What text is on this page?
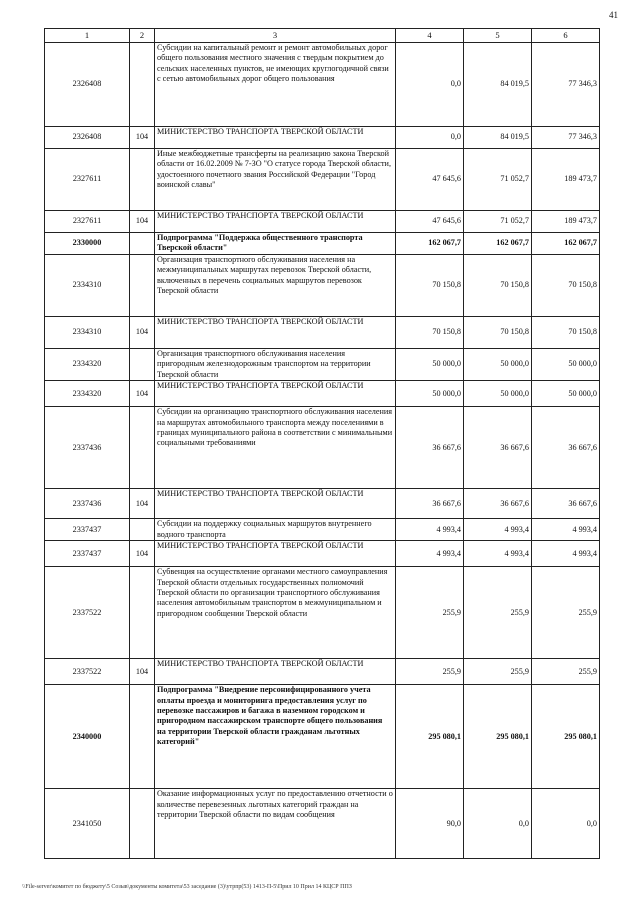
41
1	2	3	4	5	6
2326408		Субсидии на капитальный ремонт и ремонт автомобильных дорог общего пользования местного значения с твердым покрытием до сельских населенных пунктов, не имеющих круглогодичной связи с сетью автомобильных дорог общего пользования	0,0	84 019,5	77 346,3
2326408	104	МИНИСТЕРСТВО ТРАНСПОРТА ТВЕРСКОЙ ОБЛАСТИ	0,0	84 019,5	77 346,3
2327611		Иные межбюджетные трансферты на реализацию закона Тверской области от 16.02.2009 № 7-ЗО "О статусе города Тверской области, удостоенного почетного звания Российской Федерации "Город воинской славы"	47 645,6	71 052,7	189 473,7
2327611	104	МИНИСТЕРСТВО ТРАНСПОРТА ТВЕРСКОЙ ОБЛАСТИ	47 645,6	71 052,7	189 473,7
2330000		Подпрограмма "Поддержка общественного транспорта Тверской области"	162 067,7	162 067,7	162 067,7
2334310		Организация транспортного обслуживания населения на межмуниципальных маршрутах перевозок Тверской области, включенных в перечень социальных маршрутов перевозок Тверской области	70 150,8	70 150,8	70 150,8
2334310	104	МИНИСТЕРСТВО ТРАНСПОРТА ТВЕРСКОЙ ОБЛАСТИ	70 150,8	70 150,8	70 150,8
2334320		Организация транспортного обслуживания населения пригородным железнодорожным транспортом на территории Тверской области	50 000,0	50 000,0	50 000,0
2334320	104	МИНИСТЕРСТВО ТРАНСПОРТА ТВЕРСКОЙ ОБЛАСТИ	50 000,0	50 000,0	50 000,0
2337436		Субсидии на организацию транспортного обслуживания населения на маршрутах автомобильного транспорта между поселениями в границах муниципального района в соответствии с минимальными социальными требованиями	36 667,6	36 667,6	36 667,6
2337436	104	МИНИСТЕРСТВО ТРАНСПОРТА ТВЕРСКОЙ ОБЛАСТИ	36 667,6	36 667,6	36 667,6
2337437		Субсидии на поддержку социальных маршрутов внутреннего водного транспорта	4 993,4	4 993,4	4 993,4
2337437	104	МИНИСТЕРСТВО ТРАНСПОРТА ТВЕРСКОЙ ОБЛАСТИ	4 993,4	4 993,4	4 993,4
2337522		Субвенция на осуществление органами местного самоуправления Тверской области отдельных государственных полномочий Тверской области по организации транспортного обслуживания населения автомобильным транспортом в межмуниципальном и пригородном сообщении Тверской области	255,9	255,9	255,9
2337522	104	МИНИСТЕРСТВО ТРАНСПОРТА ТВЕРСКОЙ ОБЛАСТИ	255,9	255,9	255,9
2340000		Подпрограмма "Внедрение персонифицированного учета оплаты проезда и мониторинга предоставления услуг по перевозке пассажиров и багажа в наземном городском и пригородном пассажирском транспорте общего пользования на территории Тверской области гражданам льготных категорий"	295 080,1	295 080,1	295 080,1
2341050		Оказание информационных услуг по предоставлению отчетности о количестве перевезенных льготных категорий граждан на территории Тверской области по видам сообщения	90,0	0,0	0,0
\\File-server\комитет по бюджету\5 Созыв\документы комитета\53 заседание (3)\утрпр(53) 1413-П-5\Прил 10 Прил 14 КЦСР ППЗ
